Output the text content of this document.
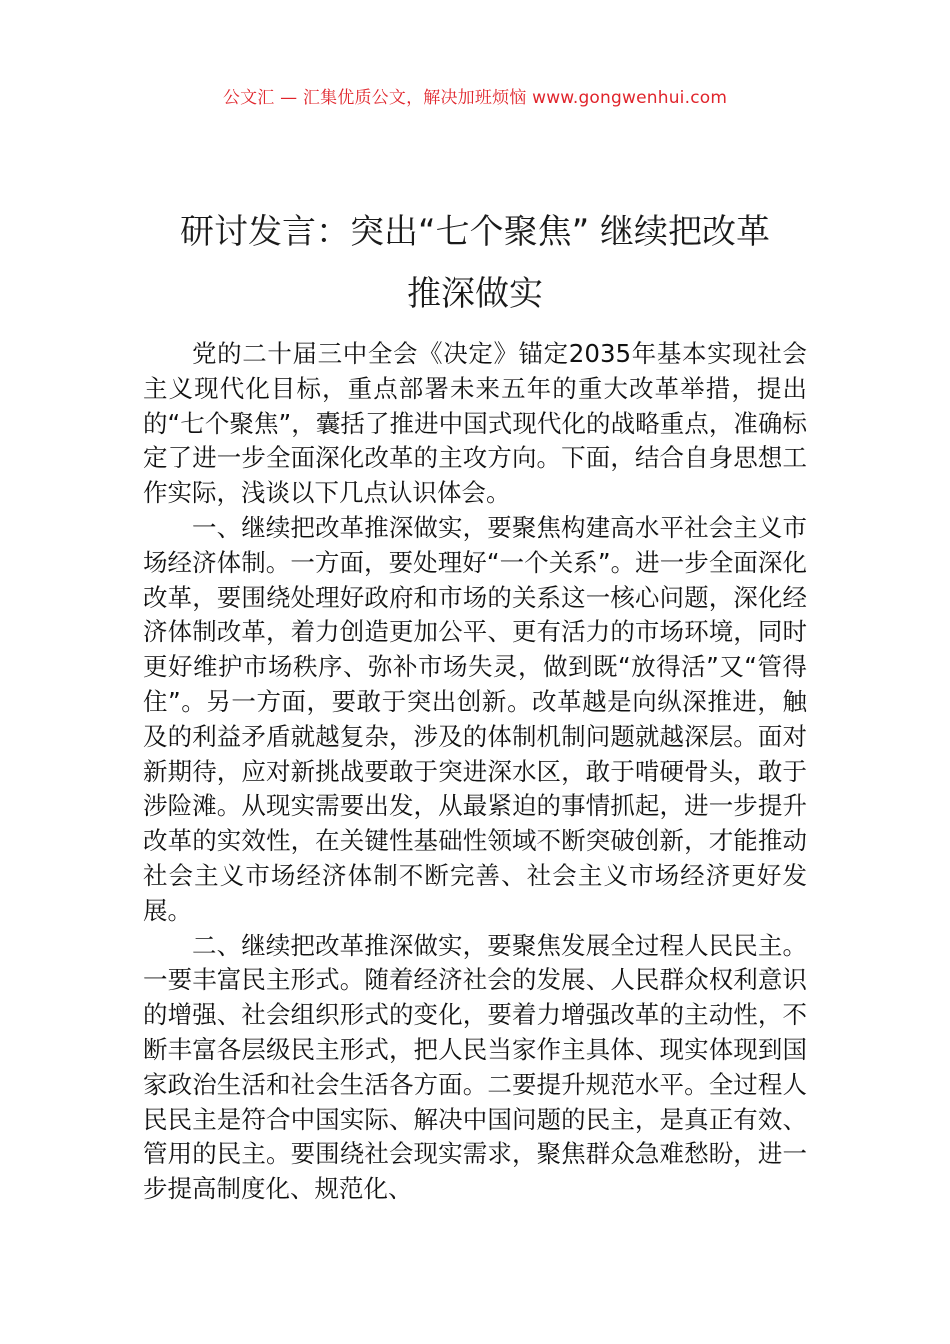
公文汇 — 汇集优质公文，解决加班烦恼 www.gongwenhui.com
研讨发言：突出“七个聚焦” 继续把改革
推深做实

党的二十届三中全会《决定》锚定2035年基本实现社会主义现代化目标，重点部署未来五年的重大改革举措，提出的“七个聚焦”，囊括了推进中国式现代化的战略重点，准确标定了进一步全面深化改革的主攻方向。下面，结合自身思想工作实际，浅谈以下几点认识体会。

一、继续把改革推深做实，要聚焦构建高水平社会主义市场经济体制。一方面，要处理好“一个关系”。进一步全面深化改革，要围绕处理好政府和市场的关系这一核心问题，深化经济体制改革，着力创造更加公平、更有活力的市场环境，同时更好维护市场秩序、弥补市场失灵，做到既“放得活”又“管得住”。另一方面，要敢于突出创新。改革越是向纵深推进，触及的利益矛盾就越复杂，涉及的体制机制问题就越深层。面对新期待，应对新挑战要敢于突进深水区，敢于啃硬骨头，敢于涉险滩。从现实需要出发，从最紧迫的事情抓起，进一步提升改革的实效性，在关键性基础性领域不断突破创新，才能推动社会主义市场经济体制不断完善、社会主义市场经济更好发展。

二、继续把改革推深做实，要聚焦发展全过程人民民主。一要丰富民主形式。随着经济社会的发展、人民群众权利意识的增强、社会组织形式的变化，要着力增强改革的主动性，不断丰富各层级民主形式，把人民当家作主具体、现实体现到国家政治生活和社会生活各方面。二要提升规范水平。全过程人民民主是符合中国实际、解决中国问题的民主，是真正有效、管用的民主。要围绕社会现实需求，聚焦群众急难愁盼，进一步提高制度化、规范化、
